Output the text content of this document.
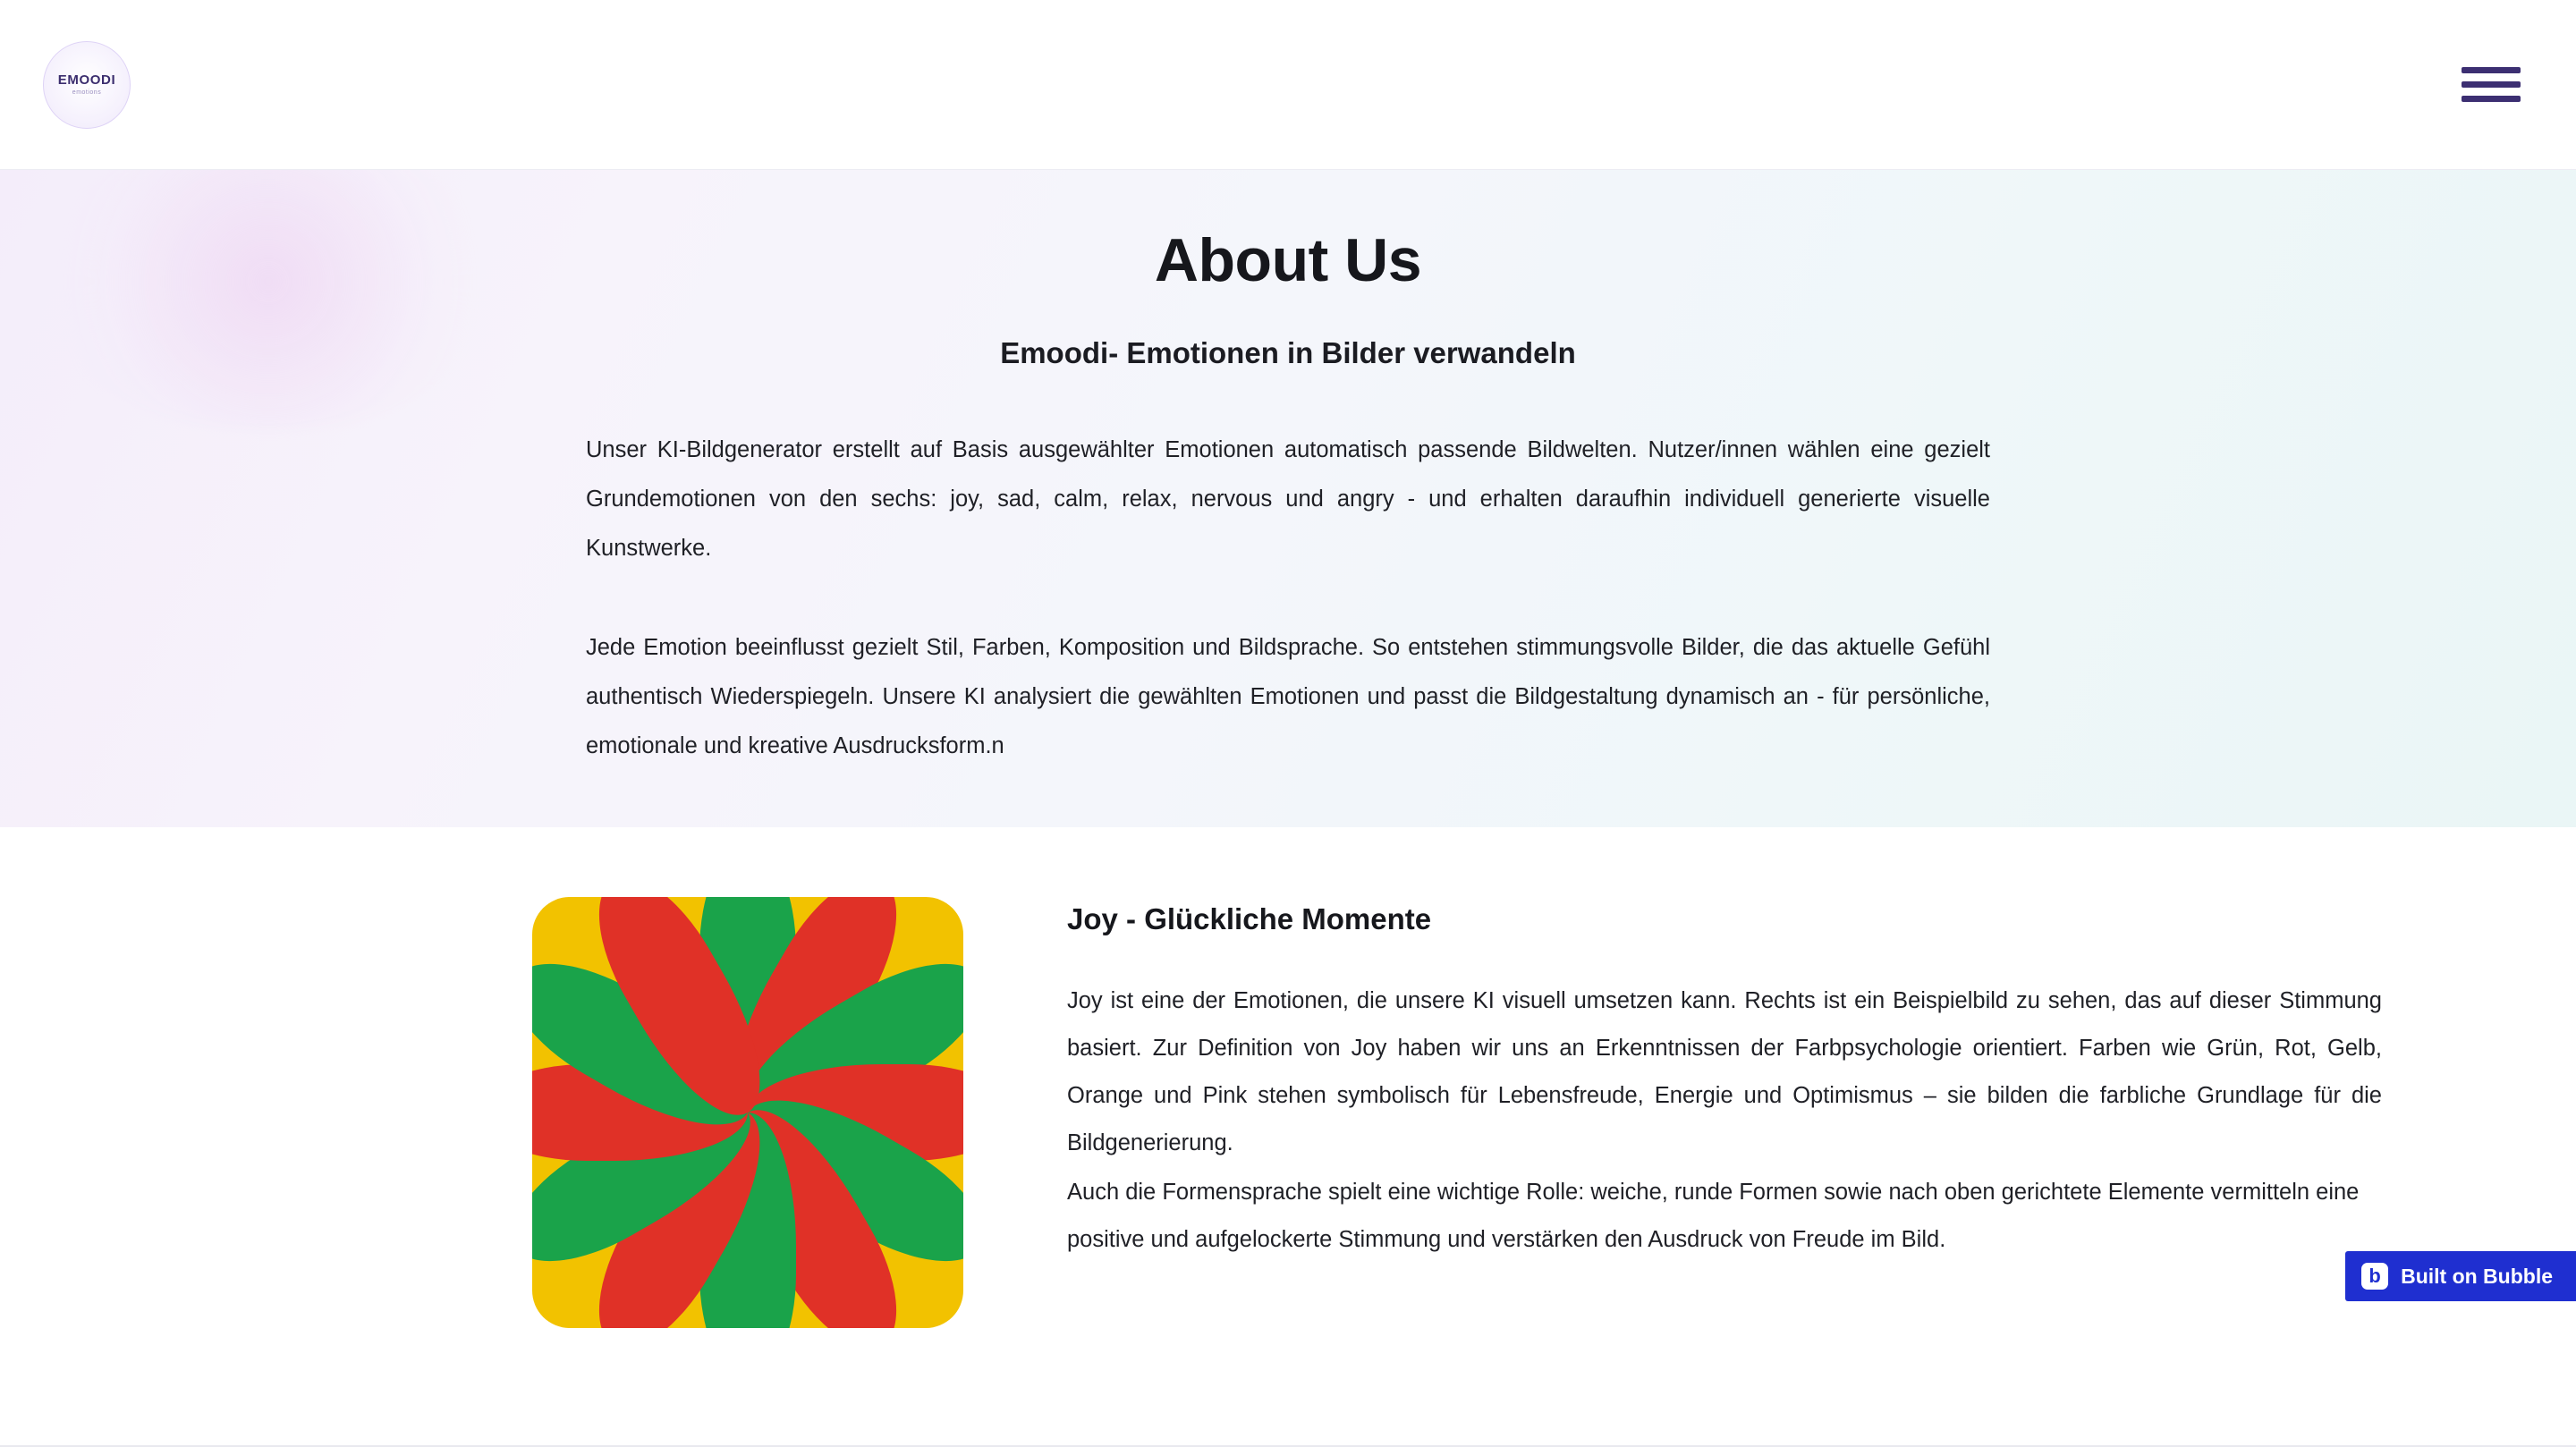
EMOODI
emotions
About Us
Emoodi- Emotionen in Bilder verwandeln

Unser KI-Bildgenerator erstellt auf Basis ausgewählter Emotionen automatisch passende Bildwelten. Nutzer/innen wählen eine gezielt Grundemotionen von den sechs: joy, sad, calm, relax, nervous und angry - und erhalten daraufhin individuell generierte visuelle Kunstwerke.

Jede Emotion beeinflusst gezielt Stil, Farben, Komposition und Bildsprache. So entstehen stimmungsvolle Bilder, die das aktuelle Gefühl authentisch Wiederspiegeln. Unsere KI analysiert die gewählten Emotionen und passt die Bildgestaltung dynamisch an - für persönliche, emotionale und kreative Ausdrucksform.n

Joy - Glückliche Momente

Joy ist eine der Emotionen, die unsere KI visuell umsetzen kann. Rechts ist ein Beispielbild zu sehen, das auf dieser Stimmung basiert. Zur Definition von Joy haben wir uns an Erkenntnissen der Farbpsychologie orientiert. Farben wie Grün, Rot, Gelb, Orange und Pink stehen symbolisch für Lebensfreude, Energie und Optimismus – sie bilden die farbliche Grundlage für die Bildgenerierung.

Auch die Formensprache spielt eine wichtige Rolle: weiche, runde Formen sowie nach oben gerichtete Elemente vermitteln eine positive und aufgelockerte Stimmung und verstärken den Ausdruck von Freude im Bild.

b Built on Bubble
